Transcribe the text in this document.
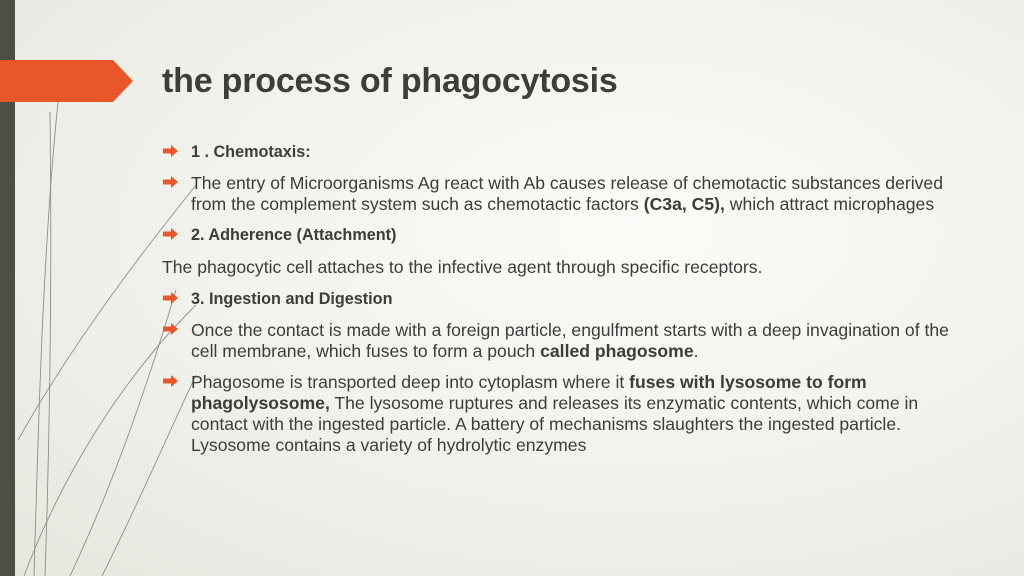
the process of phagocytosis

1 . Chemotaxis:

The entry of Microorganisms Ag react with Ab causes release of chemotactic substances derived from the complement system such as chemotactic factors (C3a, C5), which attract microphages

2. Adherence (Attachment)

The phagocytic cell attaches to the infective agent through specific receptors.

3. Ingestion and Digestion

Once the contact is made with a foreign particle, engulfment starts with a deep invagination of the cell membrane, which fuses to form a pouch called phagosome.

Phagosome is transported deep into cytoplasm where it fuses with lysosome to form phagolysosome, The lysosome ruptures and releases its enzymatic contents, which come in contact with the ingested particle. A battery of mechanisms slaughters the ingested particle. Lysosome contains a variety of hydrolytic enzymes
